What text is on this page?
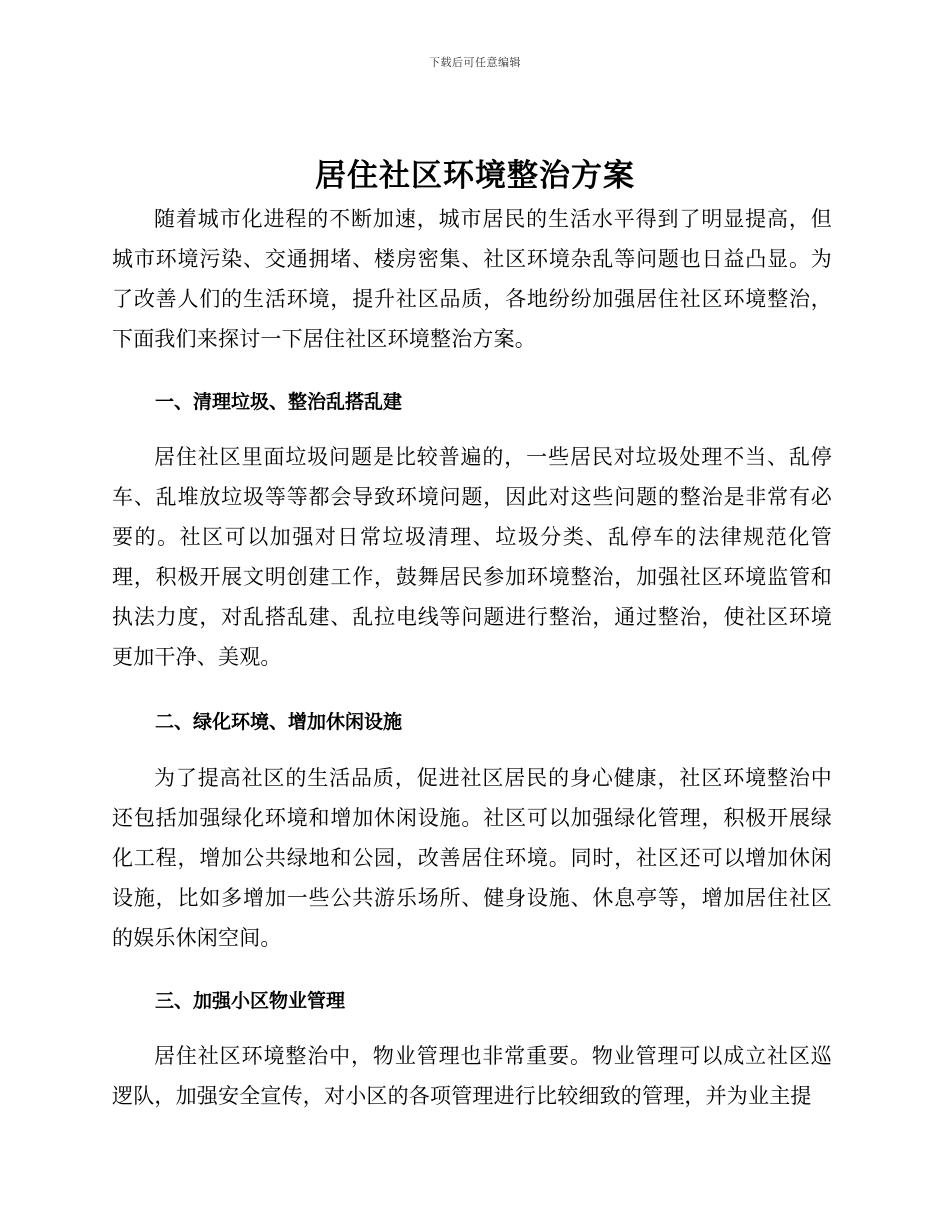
下载后可任意编辑
居住社区环境整治方案

随着城市化进程的不断加速，城市居民的生活水平得到了明显提高，但城市环境污染、交通拥堵、楼房密集、社区环境杂乱等问题也日益凸显。为了改善人们的生活环境，提升社区品质，各地纷纷加强居住社区环境整治，下面我们来探讨一下居住社区环境整治方案。

一、清理垃圾、整治乱搭乱建

居住社区里面垃圾问题是比较普遍的，一些居民对垃圾处理不当、乱停车、乱堆放垃圾等等都会导致环境问题，因此对这些问题的整治是非常有必要的。社区可以加强对日常垃圾清理、垃圾分类、乱停车的法律规范化管理，积极开展文明创建工作，鼓舞居民参加环境整治，加强社区环境监管和执法力度，对乱搭乱建、乱拉电线等问题进行整治，通过整治，使社区环境更加干净、美观。

二、绿化环境、增加休闲设施

为了提高社区的生活品质，促进社区居民的身心健康，社区环境整治中还包括加强绿化环境和增加休闲设施。社区可以加强绿化管理，积极开展绿化工程，增加公共绿地和公园，改善居住环境。同时，社区还可以增加休闲设施，比如多增加一些公共游乐场所、健身设施、休息亭等，增加居住社区的娱乐休闲空间。

三、加强小区物业管理

居住社区环境整治中，物业管理也非常重要。物业管理可以成立社区巡逻队，加强安全宣传，对小区的各项管理进行比较细致的管理，并为业主提
